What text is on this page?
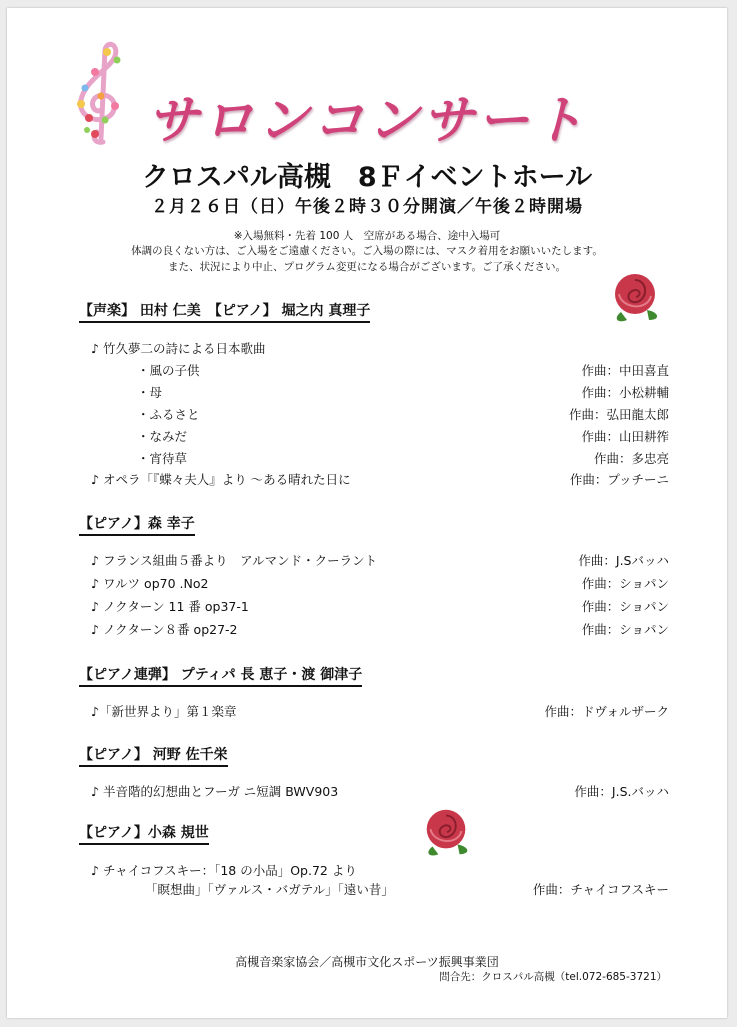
サロンコンサート
クロスパル高槻　8Ｆイベントホール
２月２６日（日）午後２時３０分開演／午後２時開場
※入場無料・先着 100 人　空席がある場合、途中入場可
体調の良くない方は、ご入場をご遠慮ください。ご入場の際には、マスク着用をお願いいたします。
また、状況により中止、プログラム変更になる場合がございます。ご了承ください。
【声楽】 田村 仁美　【ピアノ】 堀之内 真理子
♪ 竹久夢二の詩による日本歌曲
・風の子供	作曲：中田喜直
・母	作曲：小松耕輔
・ふるさと	作曲：弘田龍太郎
・なみだ	作曲：山田耕筰
・宵待草	作曲：多忠亮
♪ オペラ「『蝶々夫人』より ～ある晴れた日に	作曲：プッチーニ
【ピアノ】森 幸子
♪ フランス組曲５番より　アルマンド・クーラント	作曲：J.Sバッハ
♪ ワルツ op70 .No2	作曲：ショパン
♪ ノクターン 11 番 op37-1	作曲：ショパン
♪ ノクターン８番 op27-2	作曲：ショパン
【ピアノ連弾】 プティパ 長 恵子・渡 御津子
♪「新世界より」第１楽章	作曲：ドヴォルザーク
【ピアノ】 河野 佐千栄
♪ 半音階的幻想曲とフーガ ニ短調 BWV903	作曲：J.S.バッハ
【ピアノ】小森 規世
♪ チャイコフスキー：「18 の小品」Op.72 より
「瞑想曲」「ヴァルス・バガテル」「遠い昔」	作曲：チャイコフスキー
高槻音楽家協会／高槻市文化スポーツ振興事業団
問合先：クロスパル高槻（tel.072-685-3721）
